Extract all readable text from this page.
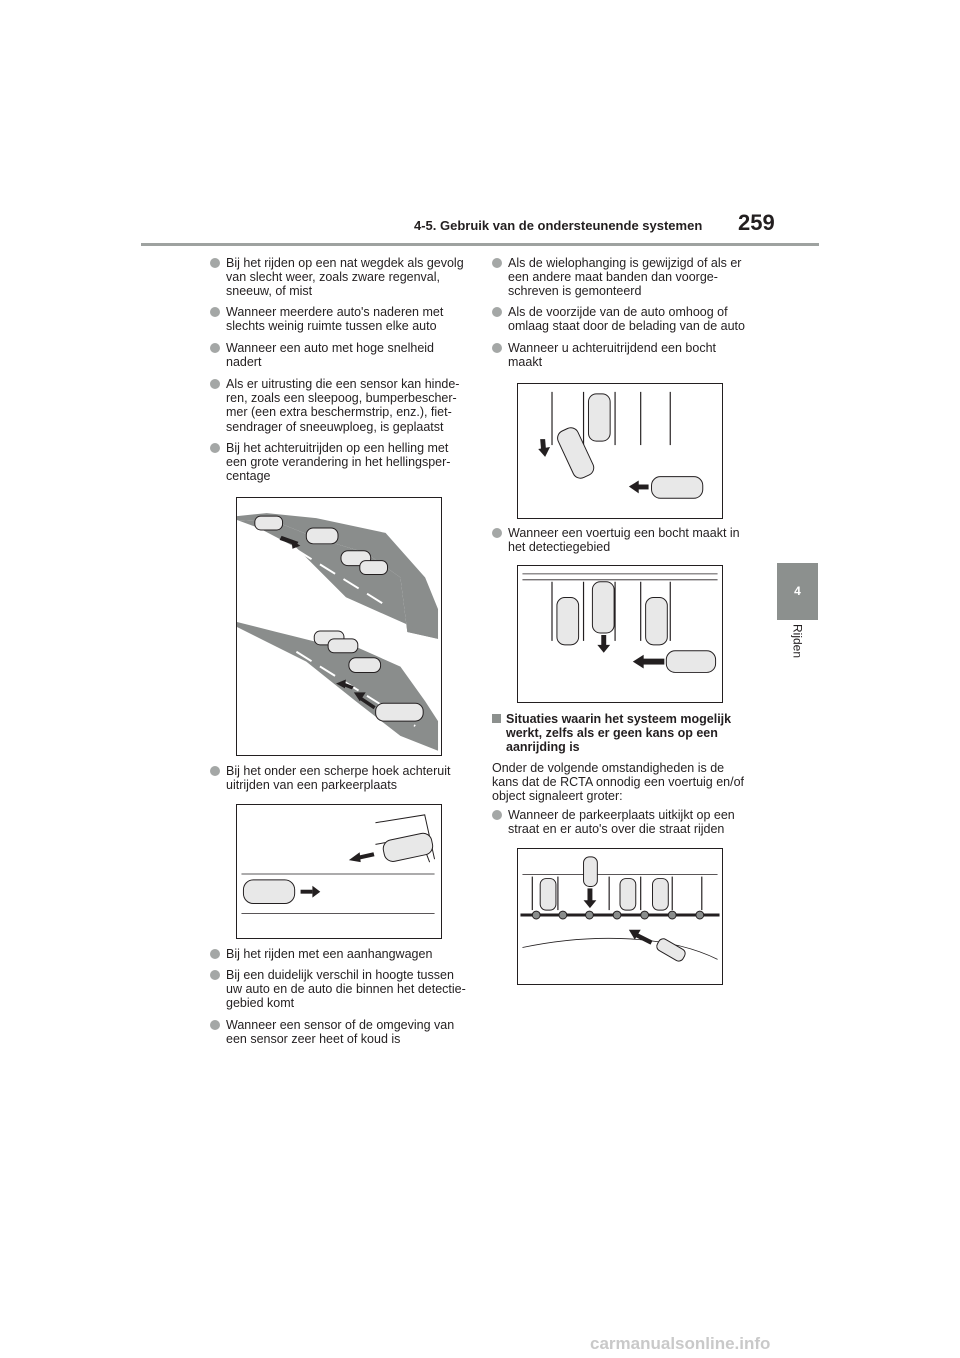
4-5. Gebruik van de ondersteunende systemen 259
4
Rijden
Bij het rijden op een nat wegdek als gevolg
van slecht weer, zoals zware regenval,
sneeuw, of mist
Wanneer meerdere auto's naderen met
slechts weinig ruimte tussen elke auto
Wanneer een auto met hoge snelheid
nadert
Als er uitrusting die een sensor kan hinde-
ren, zoals een sleepoog, bumperbescher-
mer (een extra beschermstrip, enz.), fiet-
sendrager of sneeuwploeg, is geplaatst
Bij het achteruitrijden op een helling met
een grote verandering in het hellingsper-
centage
Bij het onder een scherpe hoek achteruit
uitrijden van een parkeerplaats
Bij het rijden met een aanhangwagen
Bij een duidelijk verschil in hoogte tussen
uw auto en de auto die binnen het detectie-
gebied komt
Wanneer een sensor of de omgeving van
een sensor zeer heet of koud is
Als de wielophanging is gewijzigd of als er
een andere maat banden dan voorge-
schreven is gemonteerd
Als de voorzijde van de auto omhoog of
omlaag staat door de belading van de auto
Wanneer u achteruitrijdend een bocht
maakt
Wanneer een voertuig een bocht maakt in
het detectiegebied
Situaties waarin het systeem mogelijk
werkt, zelfs als er geen kans op een
aanrijding is
Onder de volgende omstandigheden is de
kans dat de RCTA onnodig een voertuig en/of
object signaleert groter:
Wanneer de parkeerplaats uitkijkt op een
straat en er auto's over die straat rijden
carmanualsonline.info
